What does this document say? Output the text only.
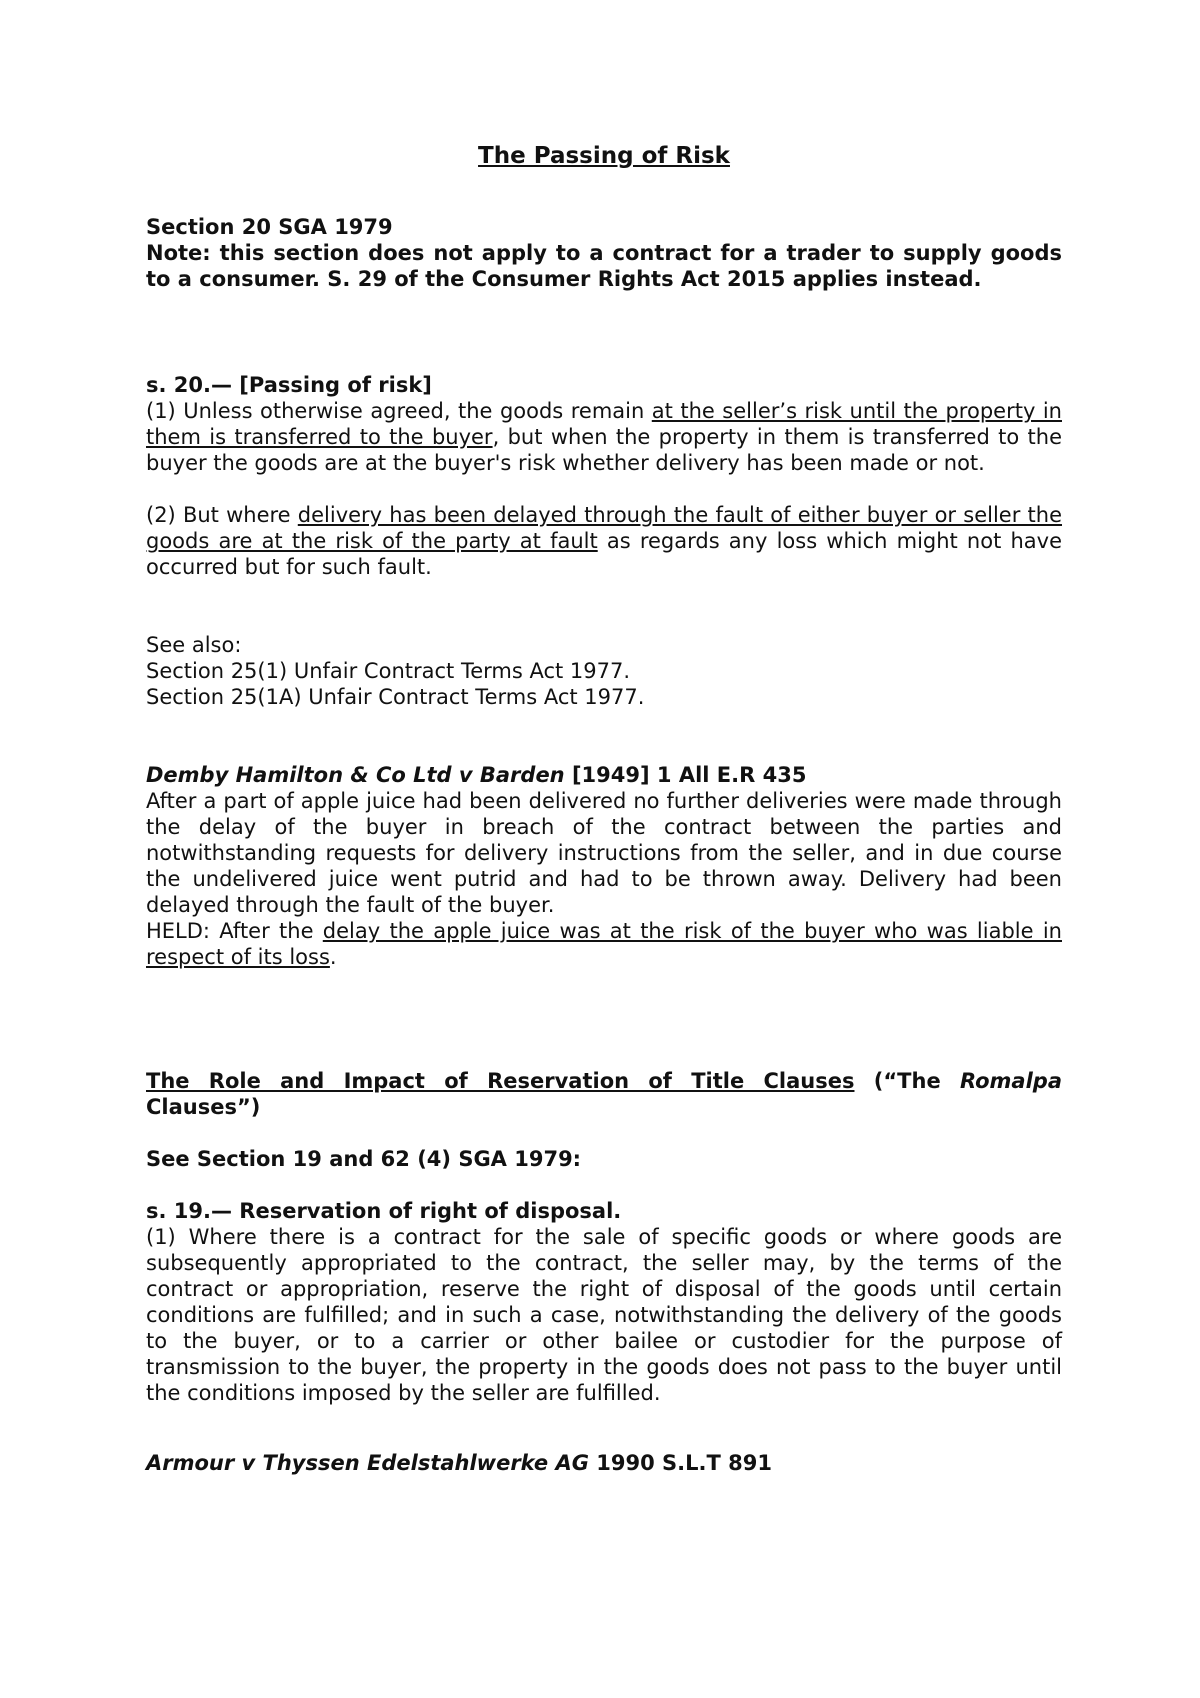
The Passing of Risk

Section 20 SGA 1979

Note: this section does not apply to a contract for a trader to supply goods to a consumer. S. 29 of the Consumer Rights Act 2015 applies instead.

s. 20.— [Passing of risk]

(1) Unless otherwise agreed, the goods remain at the seller’s risk until the property in them is transferred to the buyer, but when the property in them is transferred to the buyer the goods are at the buyer's risk whether delivery has been made or not.

(2) But where delivery has been delayed through the fault of either buyer or seller the goods are at the risk of the party at fault as regards any loss which might not have occurred but for such fault.

See also:

Section 25(1) Unfair Contract Terms Act 1977.

Section 25(1A) Unfair Contract Terms Act 1977.

Demby Hamilton & Co Ltd v Barden [1949] 1 All E.R 435

After a part of apple juice had been delivered no further deliveries were made through the delay of the buyer in breach of the contract between the parties and notwithstanding requests for delivery instructions from the seller, and in due course the undelivered juice went putrid and had to be thrown away. Delivery had been delayed through the fault of the buyer.

HELD: After the delay the apple juice was at the risk of the buyer who was liable in respect of its loss.

The Role and Impact of Reservation of Title Clauses (“The Romalpa Clauses”)

See Section 19 and 62 (4) SGA 1979:

s. 19.— Reservation of right of disposal.

(1) Where there is a contract for the sale of specific goods or where goods are subsequently appropriated to the contract, the seller may, by the terms of the contract or appropriation, reserve the right of disposal of the goods until certain conditions are fulfilled; and in such a case, notwithstanding the delivery of the goods to the buyer, or to a carrier or other bailee or custodier for the purpose of transmission to the buyer, the property in the goods does not pass to the buyer until the conditions imposed by the seller are fulfilled.

Armour v Thyssen Edelstahlwerke AG 1990 S.L.T 891
